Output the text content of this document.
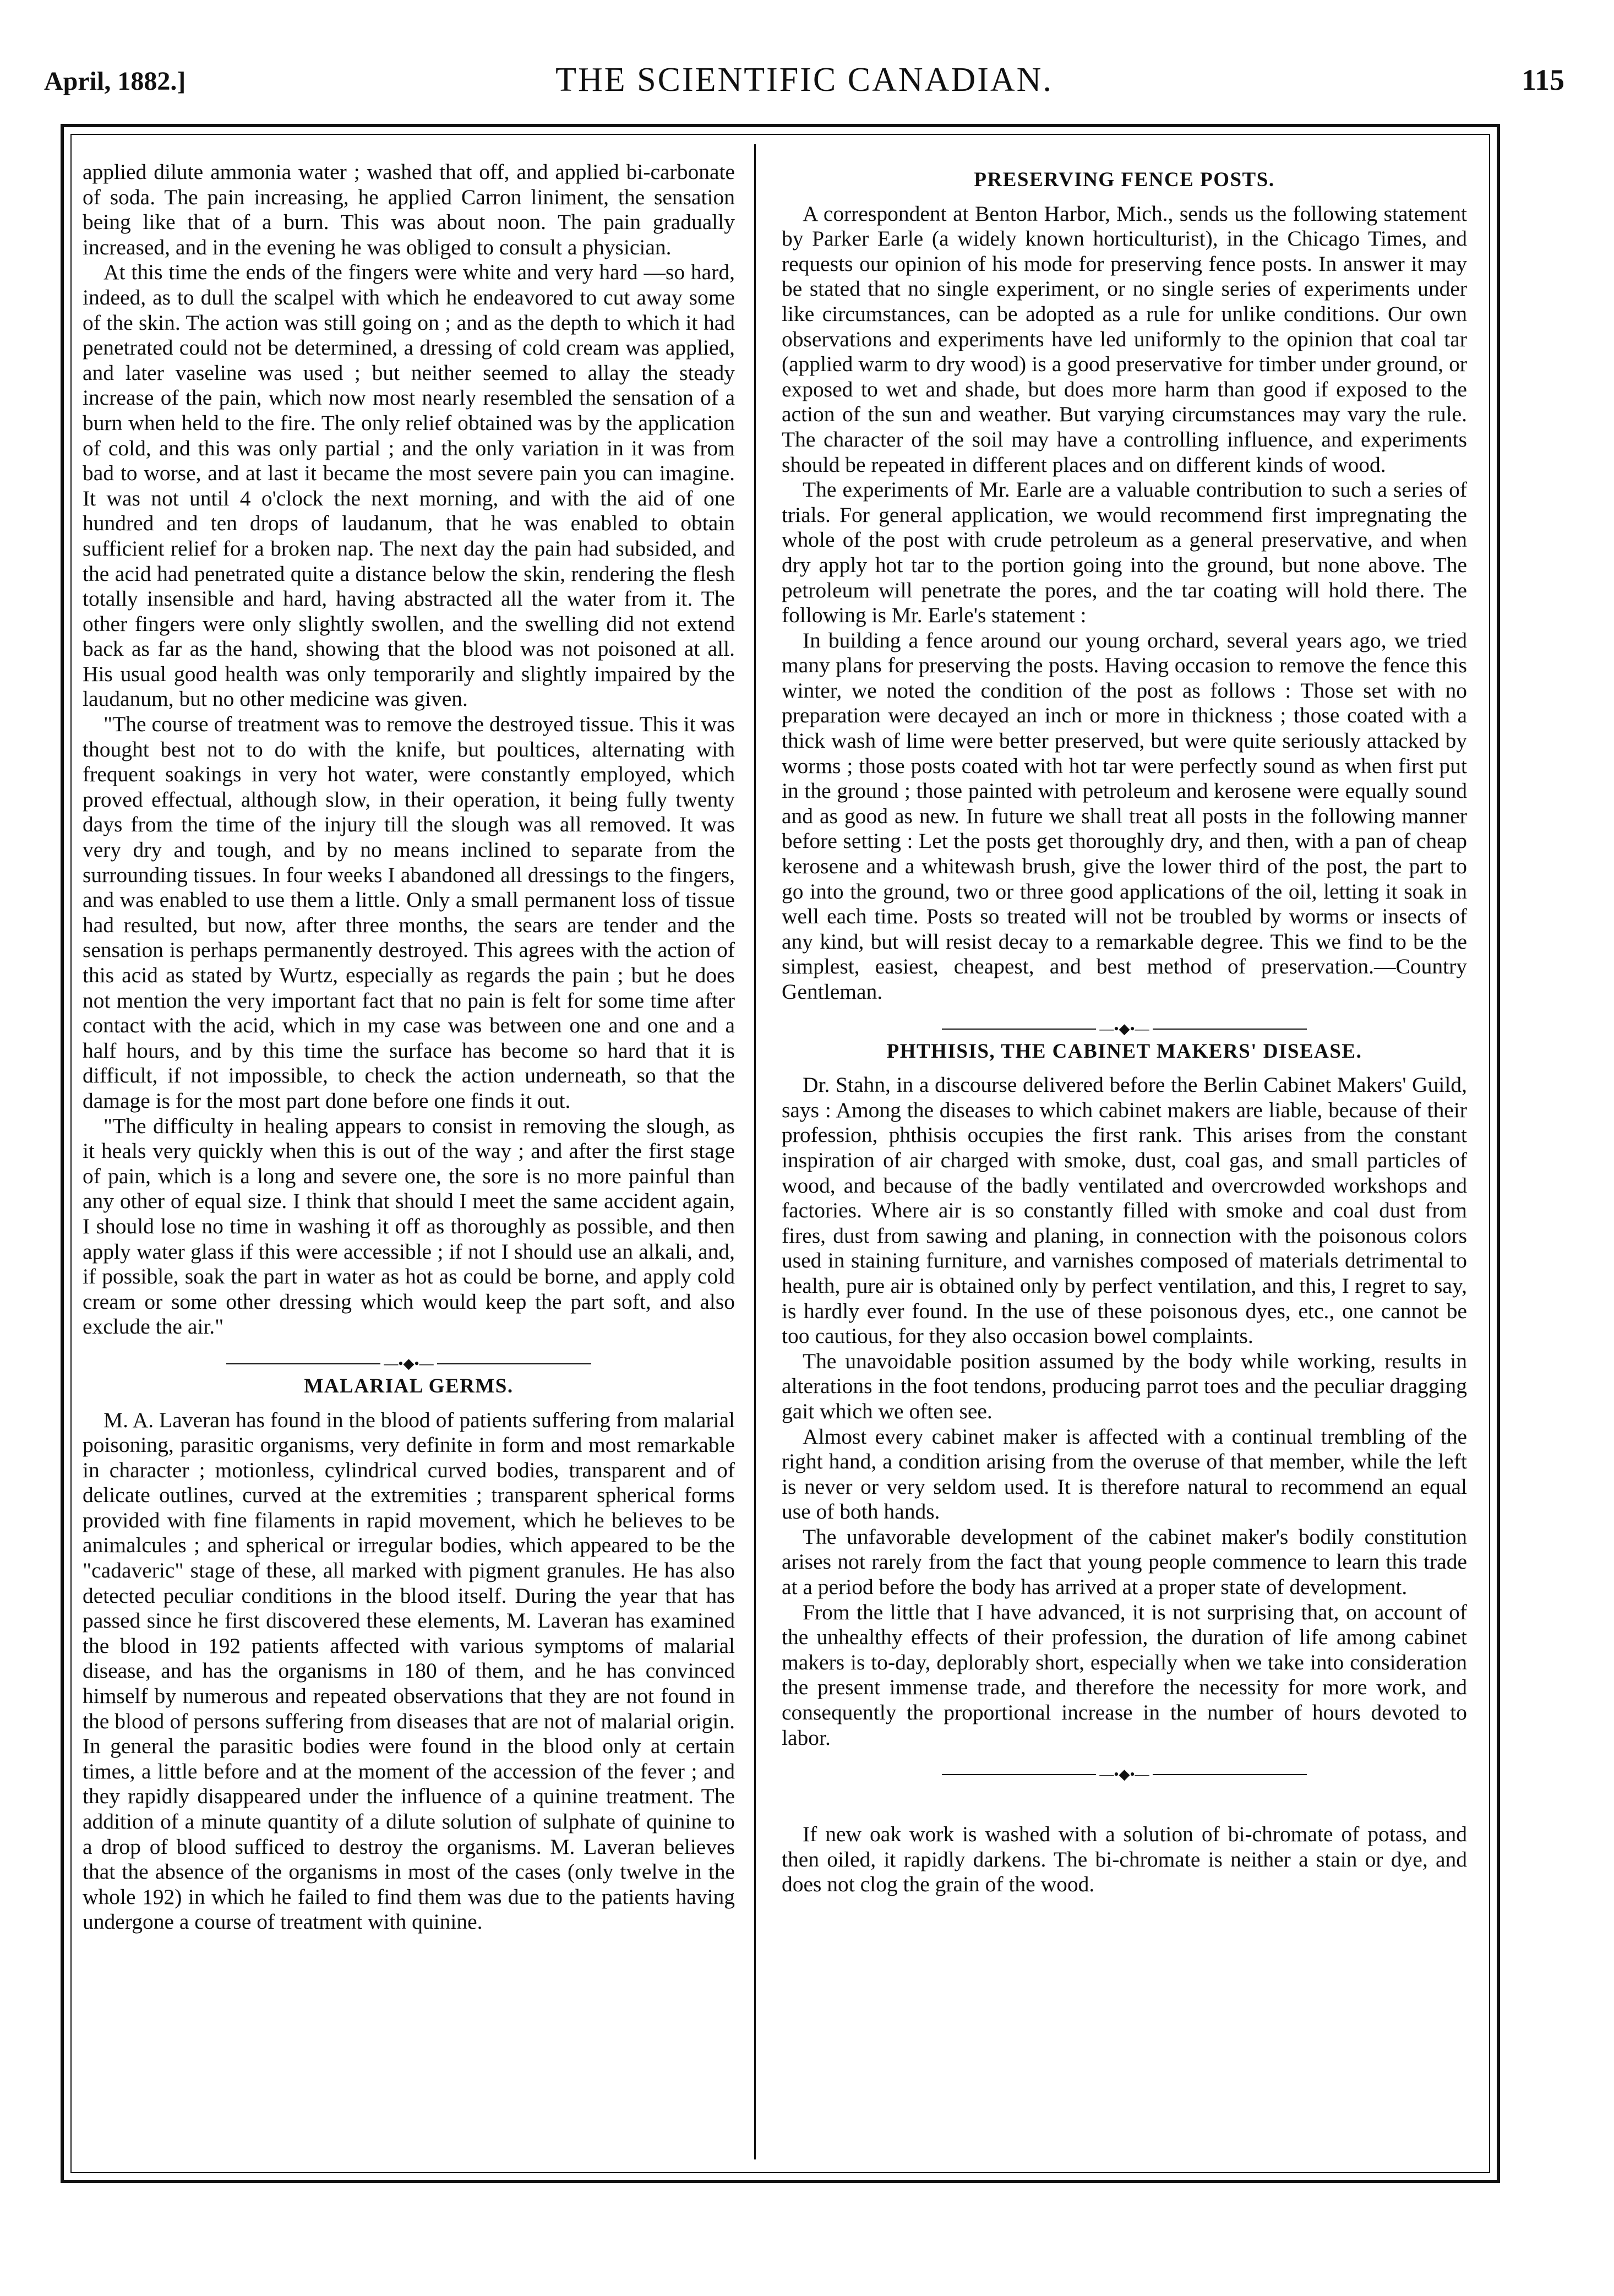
April, 1882.]	THE SCIENTIFIC CANADIAN.	115

applied dilute ammonia water ; washed that off, and applied bi-carbonate of soda. The pain increasing, he applied Carron liniment, the sensation being like that of a burn. This was about noon. The pain gradually increased, and in the evening he was obliged to consult a physician.

At this time the ends of the fingers were white and very hard —so hard, indeed, as to dull the scalpel with which he endeavored to cut away some of the skin. The action was still going on ; and as the depth to which it had penetrated could not be determined, a dressing of cold cream was applied, and later vaseline was used ; but neither seemed to allay the steady increase of the pain, which now most nearly resembled the sensation of a burn when held to the fire. The only relief obtained was by the application of cold, and this was only partial ; and the only variation in it was from bad to worse, and at last it became the most severe pain you can imagine. It was not until 4 o'clock the next morning, and with the aid of one hundred and ten drops of laudanum, that he was enabled to obtain sufficient relief for a broken nap. The next day the pain had subsided, and the acid had penetrated quite a distance below the skin, rendering the flesh totally insensible and hard, having abstracted all the water from it. The other fingers were only slightly swollen, and the swelling did not extend back as far as the hand, showing that the blood was not poisoned at all. His usual good health was only temporarily and slightly impaired by the laudanum, but no other medicine was given.

"The course of treatment was to remove the destroyed tissue. This it was thought best not to do with the knife, but poultices, alternating with frequent soakings in very hot water, were constantly employed, which proved effectual, although slow, in their operation, it being fully twenty days from the time of the injury till the slough was all removed. It was very dry and tough, and by no means inclined to separate from the surrounding tissues. In four weeks I abandoned all dressings to the fingers, and was enabled to use them a little. Only a small permanent loss of tissue had resulted, but now, after three months, the sears are tender and the sensation is perhaps permanently destroyed. This agrees with the action of this acid as stated by Wurtz, especially as regards the pain ; but he does not mention the very important fact that no pain is felt for some time after contact with the acid, which in my case was between one and one and a half hours, and by this time the surface has become so hard that it is difficult, if not impossible, to check the action underneath, so that the damage is for the most part done before one finds it out.

"The difficulty in healing appears to consist in removing the slough, as it heals very quickly when this is out of the way ; and after the first stage of pain, which is a long and severe one, the sore is no more painful than any other of equal size. I think that should I meet the same accident again, I should lose no time in washing it off as thoroughly as possible, and then apply water glass if this were accessible ; if not I should use an alkali, and, if possible, soak the part in water as hot as could be borne, and apply cold cream or some other dressing which would keep the part soft, and also exclude the air."

—•◆•—
MALARIAL GERMS.

M. A. Laveran has found in the blood of patients suffering from malarial poisoning, parasitic organisms, very definite in form and most remarkable in character ; motionless, cylindrical curved bodies, transparent and of delicate outlines, curved at the extremities ; transparent spherical forms provided with fine filaments in rapid movement, which he believes to be animalcules ; and spherical or irregular bodies, which appeared to be the "cadaveric" stage of these, all marked with pigment granules. He has also detected peculiar conditions in the blood itself. During the year that has passed since he first discovered these elements, M. Laveran has examined the blood in 192 patients affected with various symptoms of malarial disease, and has the organisms in 180 of them, and he has convinced himself by numerous and repeated observations that they are not found in the blood of persons suffering from diseases that are not of malarial origin. In general the parasitic bodies were found in the blood only at certain times, a little before and at the moment of the accession of the fever ; and they rapidly disappeared under the influence of a quinine treatment. The addition of a minute quantity of a dilute solution of sulphate of quinine to a drop of blood sufficed to destroy the organisms. M. Laveran believes that the absence of the organisms in most of the cases (only twelve in the whole 192) in which he failed to find them was due to the patients having undergone a course of treatment with quinine.

PRESERVING FENCE POSTS.

A correspondent at Benton Harbor, Mich., sends us the following statement by Parker Earle (a widely known horticulturist), in the Chicago Times, and requests our opinion of his mode for preserving fence posts. In answer it may be stated that no single experiment, or no single series of experiments under like circumstances, can be adopted as a rule for unlike conditions. Our own observations and experiments have led uniformly to the opinion that coal tar (applied warm to dry wood) is a good preservative for timber under ground, or exposed to wet and shade, but does more harm than good if exposed to the action of the sun and weather. But varying circumstances may vary the rule. The character of the soil may have a controlling influence, and experiments should be repeated in different places and on different kinds of wood.

The experiments of Mr. Earle are a valuable contribution to such a series of trials. For general application, we would recommend first impregnating the whole of the post with crude petroleum as a general preservative, and when dry apply hot tar to the portion going into the ground, but none above. The petroleum will penetrate the pores, and the tar coating will hold there. The following is Mr. Earle's statement :

In building a fence around our young orchard, several years ago, we tried many plans for preserving the posts. Having occasion to remove the fence this winter, we noted the condition of the post as follows : Those set with no preparation were decayed an inch or more in thickness ; those coated with a thick wash of lime were better preserved, but were quite seriously attacked by worms ; those posts coated with hot tar were perfectly sound as when first put in the ground ; those painted with petroleum and kerosene were equally sound and as good as new. In future we shall treat all posts in the following manner before setting : Let the posts get thoroughly dry, and then, with a pan of cheap kerosene and a whitewash brush, give the lower third of the post, the part to go into the ground, two or three good applications of the oil, letting it soak in well each time. Posts so treated will not be troubled by worms or insects of any kind, but will resist decay to a remarkable degree. This we find to be the simplest, easiest, cheapest, and best method of preservation.—Country Gentleman.

—•◆•—
PHTHISIS, THE CABINET MAKERS' DISEASE.

Dr. Stahn, in a discourse delivered before the Berlin Cabinet Makers' Guild, says : Among the diseases to which cabinet makers are liable, because of their profession, phthisis occupies the first rank. This arises from the constant inspiration of air charged with smoke, dust, coal gas, and small particles of wood, and because of the badly ventilated and overcrowded workshops and factories. Where air is so constantly filled with smoke and coal dust from fires, dust from sawing and planing, in connection with the poisonous colors used in staining furniture, and varnishes composed of materials detrimental to health, pure air is obtained only by perfect ventilation, and this, I regret to say, is hardly ever found. In the use of these poisonous dyes, etc., one cannot be too cautious, for they also occasion bowel complaints.

The unavoidable position assumed by the body while working, results in alterations in the foot tendons, producing parrot toes and the peculiar dragging gait which we often see.

Almost every cabinet maker is affected with a continual trembling of the right hand, a condition arising from the overuse of that member, while the left is never or very seldom used. It is therefore natural to recommend an equal use of both hands.

The unfavorable development of the cabinet maker's bodily constitution arises not rarely from the fact that young people commence to learn this trade at a period before the body has arrived at a proper state of development.

From the little that I have advanced, it is not surprising that, on account of the unhealthy effects of their profession, the duration of life among cabinet makers is to-day, deplorably short, especially when we take into consideration the present immense trade, and therefore the necessity for more work, and consequently the proportional increase in the number of hours devoted to labor.

—•◆•—

If new oak work is washed with a solution of bi-chromate of potass, and then oiled, it rapidly darkens. The bi-chromate is neither a stain or dye, and does not clog the grain of the wood.
